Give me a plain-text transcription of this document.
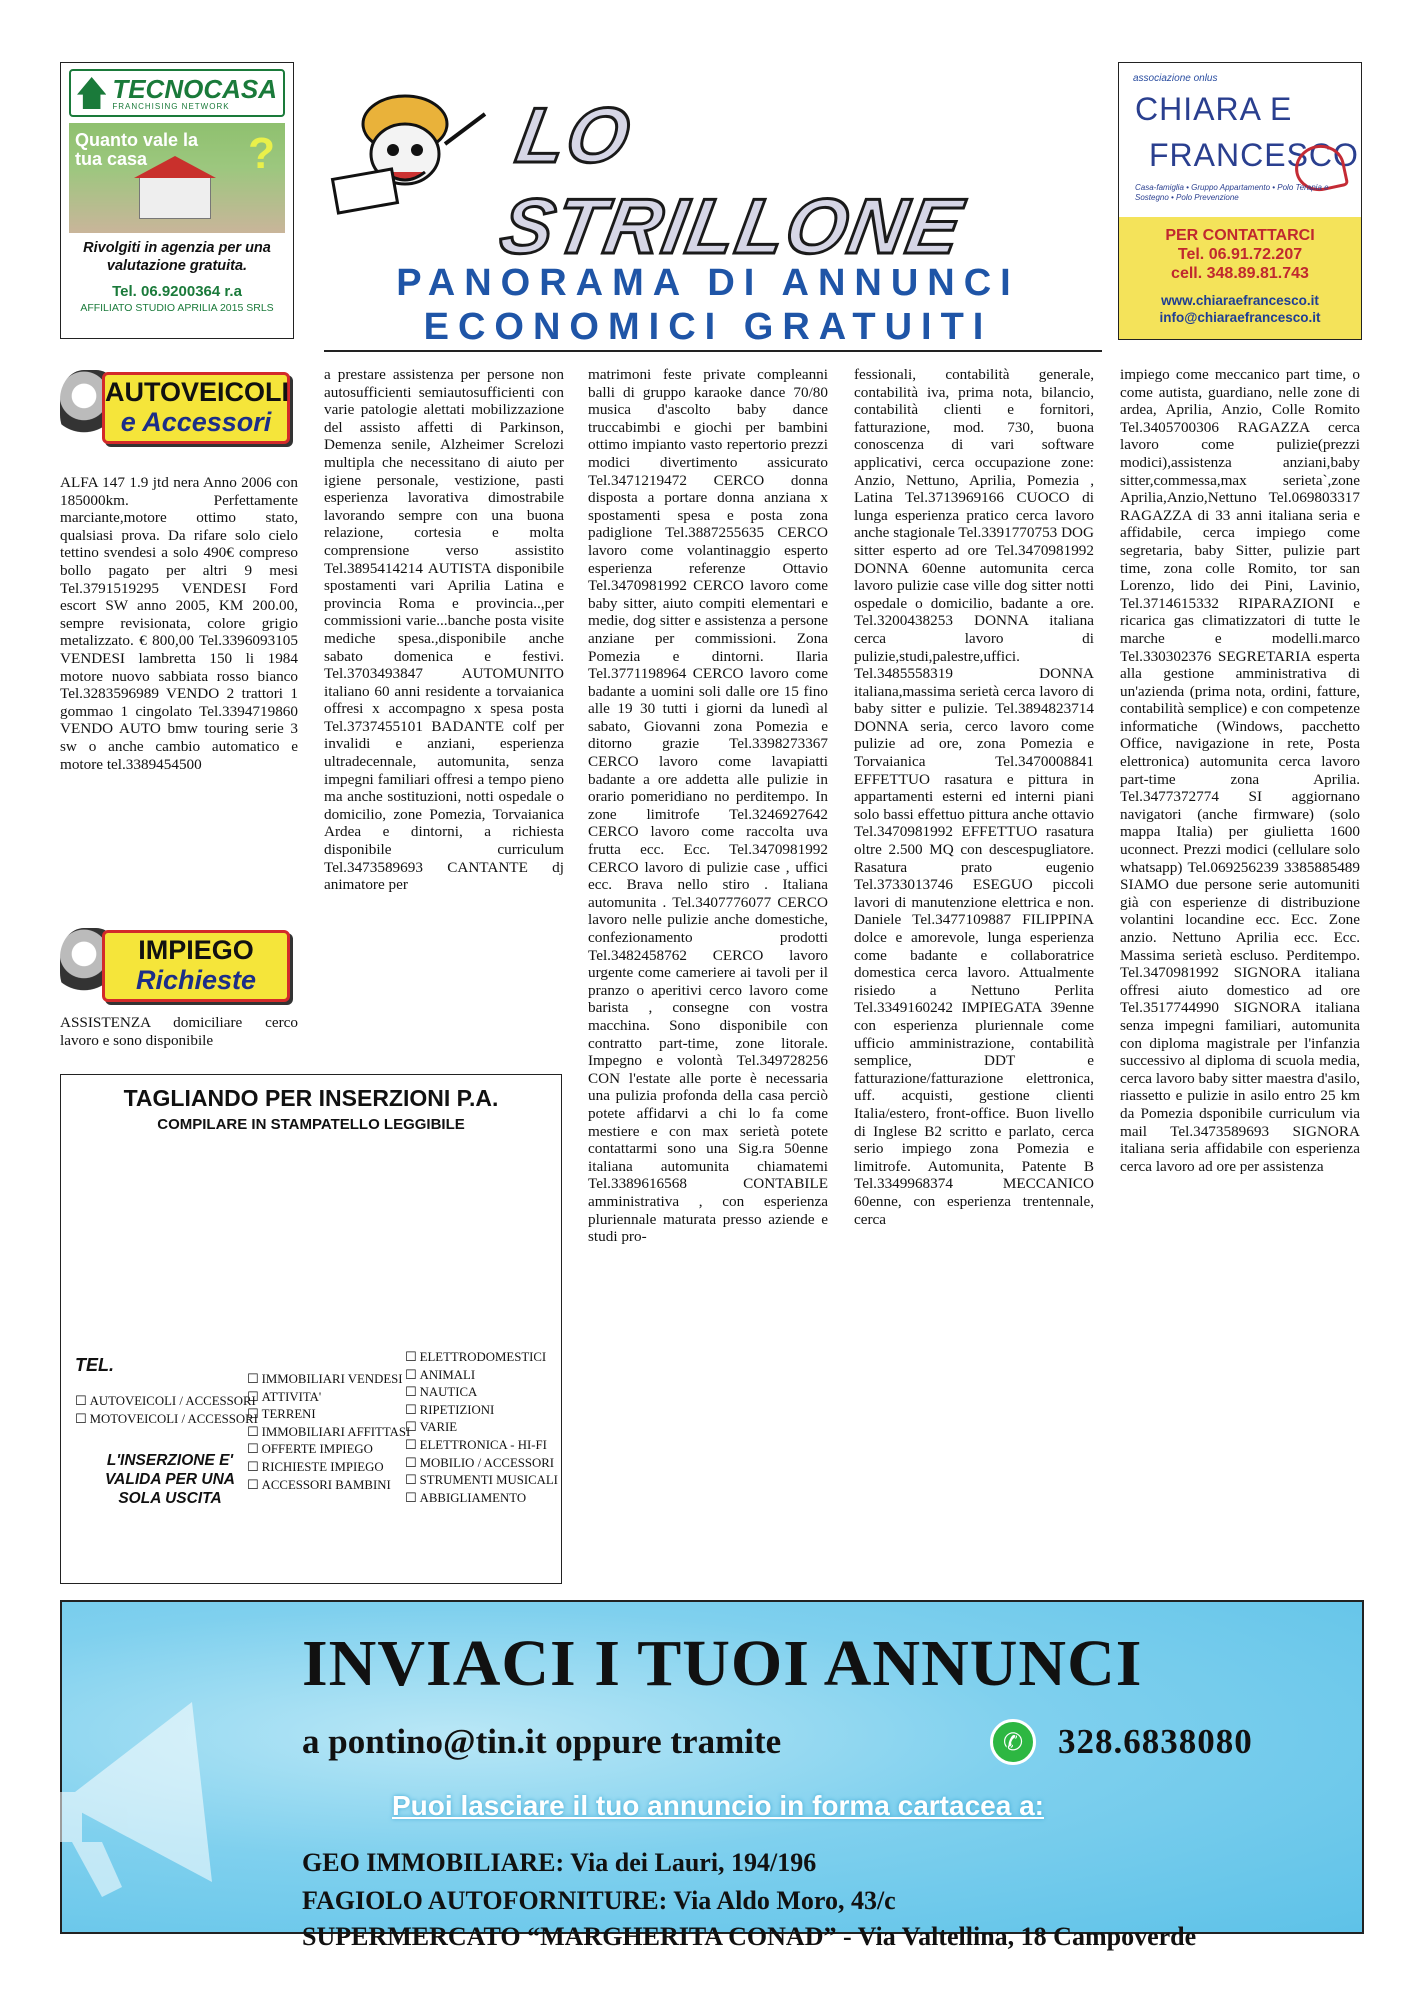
TECNOCASA
FRANCHISING NETWORK
Quanto vale la tua casa	?
Rivolgiti in agenzia per una valutazione gratuita.
Tel. 06.9200364 r.a
AFFILIATO STUDIO APRILIA 2015 SRLS
LO STRILLONE
PANORAMA DI ANNUNCI
ECONOMICI GRATUITI
associazione onlus
CHIARA E
FRANCESCO
Casa-famiglia • Gruppo Appartamento • Polo Terapia e Sostegno • Polo Prevenzione
PER CONTATTARCI
Tel. 06.91.72.207
cell. 348.89.81.743
www.chiaraefrancesco.it
info@chiaraefrancesco.it
AUTOVEICOLI
e Accessori
IMPIEGO
Richieste
ALFA 147 1.9 jtd nera Anno 2006 con 185000km. Perfettamente marciante,motore ottimo stato, qualsiasi prova. Da rifare solo cielo tettino svendesi a solo 490€ compreso bollo pagato per altri 9 mesi Tel.3791519295 VENDESI Ford escort SW anno 2005, KM 200.00, sempre revisionata, colore grigio metalizzato. € 800,00 Tel.3396093105 VENDESI lambretta 150 li 1984 motore nuovo sabbiata rosso bianco Tel.3283596989 VENDO 2 trattori 1 gommao 1 cingolato Tel.3394719860 VENDO AUTO bmw touring serie 3 sw o anche cambio automatico e motore tel.3389454500
ASSISTENZA domiciliare cerco lavoro e sono disponibile
a prestare assistenza per persone non autosufficienti semiautosufficienti con varie patologie alettati mobilizzazione del assisto affetti di Parkinson, Demenza senile, Alzheimer Screlozi multipla che necessitano di aiuto per igiene personale, vestizione, pasti esperienza lavorativa dimostrabile lavorando sempre con una buona relazione, cortesia e molta comprensione verso assistito Tel.3895414214 AUTISTA disponibile spostamenti vari Aprilia Latina e provincia Roma e provincia..,per commissioni varie...banche posta visite mediche spesa.,disponibile anche sabato domenica e festivi. Tel.3703493847 AUTOMUNITO italiano 60 anni residente a torvaianica offresi x accompagno x spesa posta Tel.3737455101 BADANTE colf per invalidi e anziani, esperienza ultradecennale, automunita, senza impegni familiari offresi a tempo pieno ma anche sostituzioni, notti ospedale o domicilio, zone Pomezia, Torvaianica Ardea e dintorni, a richiesta disponibile curriculum Tel.3473589693 CANTANTE dj animatore per
matrimoni feste private compleanni balli di gruppo karaoke dance 70/80 musica d'ascolto baby dance truccabimbi e giochi per bambini ottimo impianto vasto repertorio prezzi modici divertimento assicurato Tel.3471219472 CERCO donna disposta a portare donna anziana x spostamenti spesa e posta zona padiglione Tel.3887255635 CERCO lavoro come volantinaggio esperto esperienza referenze Ottavio Tel.3470981992 CERCO lavoro come baby sitter, aiuto compiti elementari e medie, dog sitter e assistenza a persone anziane per commissioni. Zona Pomezia e dintorni. Ilaria Tel.3771198964 CERCO lavoro come badante a uomini soli dalle ore 15 fino alle 19 30 tutti i giorni da lunedì al sabato, Giovanni zona Pomezia e ditorno grazie Tel.3398273367 CERCO lavoro come lavapiatti badante a ore addetta alle pulizie in orario pomeridiano no perditempo. In zone limitrofe Tel.3246927642 CERCO lavoro come raccolta uva frutta ecc. Ecc. Tel.3470981992 CERCO lavoro di pulizie case , uffici ecc. Brava nello stiro . Italiana automunita . Tel.3407776077 CERCO lavoro nelle pulizie anche domestiche, confezionamento prodotti Tel.3482458762 CERCO lavoro urgente come cameriere ai tavoli per il pranzo o aperitivi cerco lavoro come barista , consegne con vostra macchina. Sono disponibile con contratto part-time, zone litorale. Impegno e volontà Tel.349728256 CON l'estate alle porte è necessaria una pulizia profonda della casa perciò potete affidarvi a chi lo fa come mestiere e con max serietà potete contattarmi sono una Sig.ra 50enne italiana automunita chiamatemi Tel.3389616568 CONTABILE amministrativa , con esperienza pluriennale maturata presso aziende e studi pro-
fessionali, contabilità generale, contabilità iva, prima nota, bilancio, contabilità clienti e fornitori, fatturazione, mod. 730, buona conoscenza di vari software applicativi, cerca occupazione zone: Anzio, Nettuno, Aprilia, Pomezia , Latina Tel.3713969166 CUOCO di lunga esperienza pratico cerca lavoro anche stagionale Tel.3391770753 DOG sitter esperto ad ore Tel.3470981992 DONNA 60enne automunita cerca lavoro pulizie case ville dog sitter notti ospedale o domicilio, badante a ore. Tel.3200438253 DONNA italiana cerca lavoro di pulizie,studi,palestre,uffici. Tel.3485558319 DONNA italiana,massima serietà cerca lavoro di baby sitter e pulizie. Tel.3894823714 DONNA seria, cerco lavoro come pulizie ad ore, zona Pomezia e Torvaianica Tel.3470008841 EFFETTUO rasatura e pittura in appartamenti esterni ed interni piani solo bassi effettuo pittura anche ottavio Tel.3470981992 EFFETTUO rasatura oltre 2.500 MQ con descespugliatore. Rasatura prato eugenio Tel.3733013746 ESEGUO piccoli lavori di manutenzione elettrica e non. Daniele Tel.3477109887 FILIPPINA dolce e amorevole, lunga esperienza come badante e collaboratrice domestica cerca lavoro. Attualmente risiedo a Nettuno Perlita Tel.3349160242 IMPIEGATA 39enne con esperienza pluriennale come ufficio amministrazione, contabilità semplice, DDT e fatturazione/fatturazione elettronica, uff. acquisti, gestione clienti Italia/estero, front-office. Buon livello di Inglese B2 scritto e parlato, cerca serio impiego zona Pomezia e limitrofe. Automunita, Patente B Tel.3349968374 MECCANICO 60enne, con esperienza trentennale, cerca
impiego come meccanico part time, o come autista, guardiano, nelle zone di ardea, Aprilia, Anzio, Colle Romito Tel.3405700306 RAGAZZA cerca lavoro come pulizie(prezzi modici),assistenza anziani,baby sitter,commessa,max serieta`,zone Aprilia,Anzio,Nettuno Tel.069803317 RAGAZZA di 33 anni italiana seria e affidabile, cerca impiego come segretaria, baby Sitter, pulizie part time, zona colle Romito, tor san Lorenzo, lido dei Pini, Lavinio, Tel.3714615332 RIPARAZIONI e ricarica gas climatizzatori di tutte le marche e modelli.marco Tel.330302376 SEGRETARIA esperta alla gestione amministrativa di un'azienda (prima nota, ordini, fatture, contabilità semplice) e con competenze informatiche (Windows, pacchetto Office, navigazione in rete, Posta elettronica) automunita cerca lavoro part-time zona Aprilia. Tel.3477372774 SI aggiornano navigatori (anche firmware) (solo mappa Italia) per giulietta 1600 uconnect. Prezzi modici (cellulare solo whatsapp) Tel.069256239 3385885489 SIAMO due persone serie automuniti già con esperienze di distribuzione volantini locandine ecc. Ecc. Zone anzio. Nettuno Aprilia ecc. Ecc. Massima serietà escluso. Perditempo. Tel.3470981992 SIGNORA italiana offresi aiuto domestico ad ore Tel.3517744990 SIGNORA italiana senza impegni familiari, automunita con diploma magistrale per l'infanzia successivo al diploma di scuola media, cerca lavoro baby sitter maestra d'asilo, riassetto e pulizie in asilo entro 25 km da Pomezia dsponibile curriculum via mail Tel.3473589693 SIGNORA italiana seria affidabile con esperienza cerca lavoro ad ore per assistenza
TAGLIANDO PER INSERZIONI P.A.
COMPILARE IN STAMPATELLO LEGGIBILE
TEL.
☐ AUTOVEICOLI / ACCESSORI
☐ MOTOVEICOLI / ACCESSORI
L'INSERZIONE E' VALIDA PER UNA SOLA USCITA
☐ IMMOBILIARI VENDESI
☐ ATTIVITA'
☐ TERRENI
☐ IMMOBILIARI AFFITTASI
☐ OFFERTE IMPIEGO
☐ RICHIESTE IMPIEGO
☐ ACCESSORI BAMBINI
☐ ELETTRODOMESTICI
☐ ANIMALI
☐ NAUTICA
☐ RIPETIZIONI
☐ VARIE
☐ ELETTRONICA - HI-FI
☐ MOBILIO / ACCESSORI
☐ STRUMENTI MUSICALI
☐ ABBIGLIAMENTO
INVIACI I TUOI ANNUNCI
a pontino@tin.it oppure tramite
✆	328.6838080
Puoi lasciare il tuo annuncio in forma cartacea a:
GEO IMMOBILIARE: Via dei Lauri, 194/196
FAGIOLO AUTOFORNITURE: Via Aldo Moro, 43/c
SUPERMERCATO “MARGHERITA CONAD” - Via Valtellina, 18 Campoverde
